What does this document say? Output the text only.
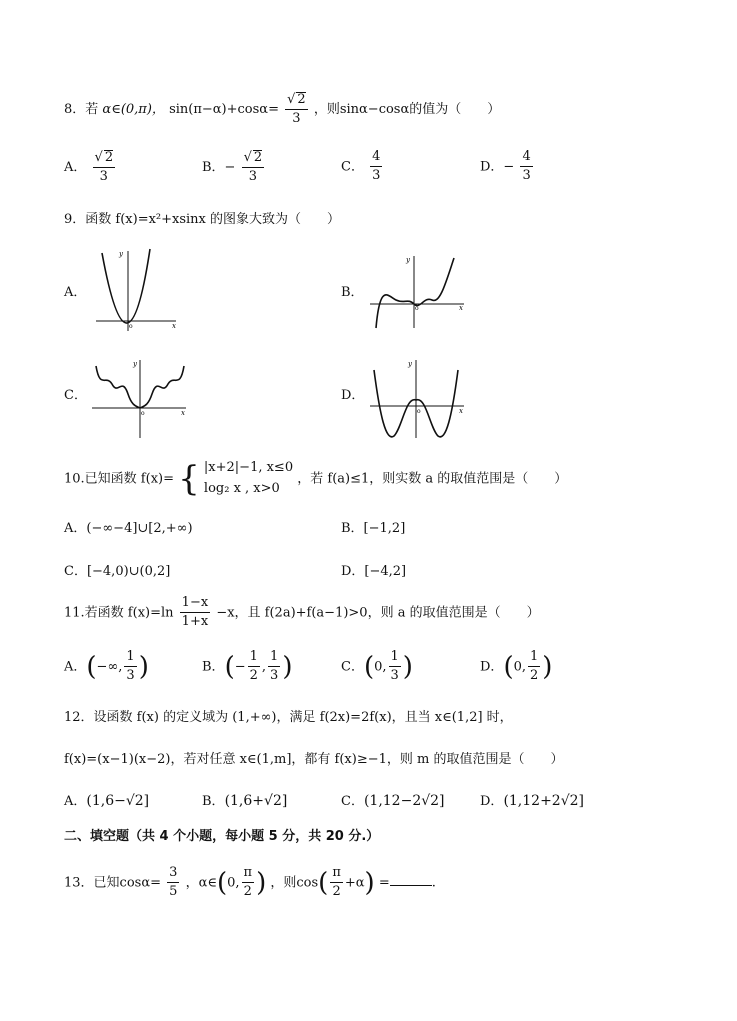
8．若 α∈(0,π)， $\sin(\pi-\alpha)+\cos\alpha= \frac{√ 2}{3}$ ，则sinα−cosα的值为（　　）
A． $\frac{√ 2}{3}$	B．− $\frac{√ 2}{3}$	C． $\frac{4}{3}$	D．− $\frac{4}{3}$
9．函数 f(x)=x²+xsinx 的图象大致为（　　）
A．
x
y
o
B．
x
y
o
C．
x
y
o
D．
x
y
o
10.已知函数 f(x)= { |x+2|−1, x≤0
log₂ x , x>0
，若 f(a)≤1，则实数 a 的取值范围是（　　）
A．(−∞−4]∪[2,+∞)	B．[−1,2]
C．[−4,0)∪(0,2]	D．[−4,2]
11.若函数 $f(x)=\ln \frac{1-x}{1+x} -x$，且 f(2a)+f(a−1)>0，则 a 的取值范围是（　　）
A．(−∞, $\frac{1}{3}$ )	B．(− $\frac{1}{2}$ , $\frac{1}{3}$ )	C．(0, $\frac{1}{3}$ )	D．(0, $\frac{1}{2}$ )
12．设函数 f(x) 的定义域为 (1,+∞)，满足 f(2x)=2f(x)，且当 x∈(1,2] 时，
f(x)=(x−1)(x−2)，若对任意 x∈(1,m]，都有 f(x)≥−1，则 m 的取值范围是（　　）
A．(1,6−√2]	B．(1,6+√2]	C．(1,12−2√2]	D．(1,12+2√2]
二、填空题（共 4 个小题，每小题 5 分，共 20 分.）
13．已知$\cos\alpha= \frac{3}{5}$ ，α∈(0, $\frac{\pi}{2}$ ) ，则$\cos( \frac{\pi}{2} +\alpha)$ =	.
